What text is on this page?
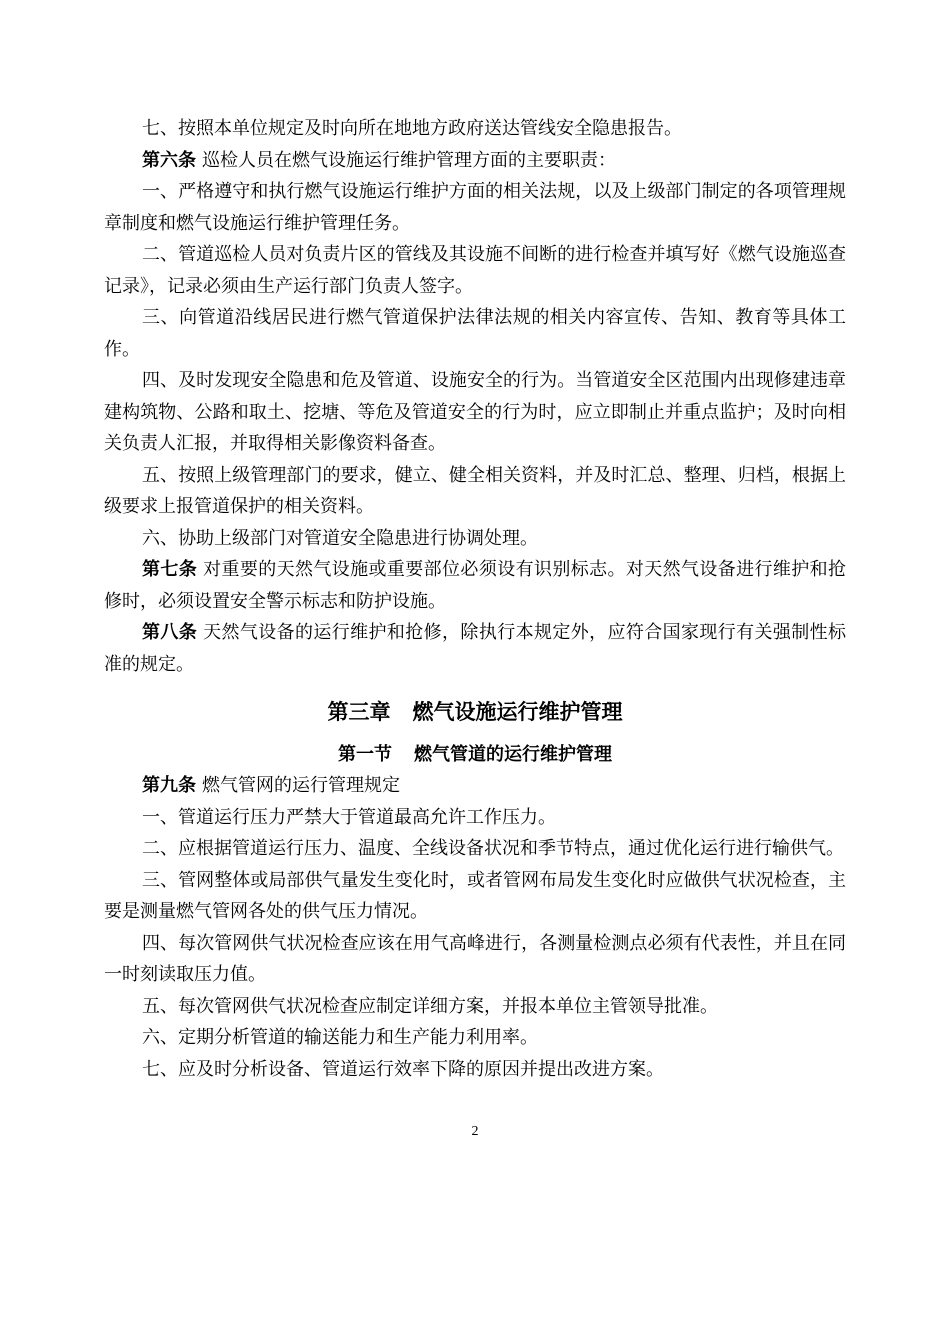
七、按照本单位规定及时向所在地地方政府送达管线安全隐患报告。

第六条 巡检人员在燃气设施运行维护管理方面的主要职责：

一、严格遵守和执行燃气设施运行维护方面的相关法规，以及上级部门制定的各项管理规章制度和燃气设施运行维护管理任务。

二、管道巡检人员对负责片区的管线及其设施不间断的进行检查并填写好《燃气设施巡查记录》，记录必须由生产运行部门负责人签字。

三、向管道沿线居民进行燃气管道保护法律法规的相关内容宣传、告知、教育等具体工作。

四、及时发现安全隐患和危及管道、设施安全的行为。当管道安全区范围内出现修建违章建构筑物、公路和取土、挖塘、等危及管道安全的行为时，应立即制止并重点监护；及时向相关负责人汇报，并取得相关影像资料备查。

五、按照上级管理部门的要求，健立、健全相关资料，并及时汇总、整理、归档，根据上级要求上报管道保护的相关资料。

六、协助上级部门对管道安全隐患进行协调处理。

第七条 对重要的天然气设施或重要部位必须设有识别标志。对天然气设备进行维护和抢修时，必须设置安全警示标志和防护设施。

第八条 天然气设备的运行维护和抢修，除执行本规定外，应符合国家现行有关强制性标准的规定。

第三章 燃气设施运行维护管理
第一节 燃气管道的运行维护管理

第九条 燃气管网的运行管理规定

一、管道运行压力严禁大于管道最高允许工作压力。

二、应根据管道运行压力、温度、全线设备状况和季节特点，通过优化运行进行输供气。

三、管网整体或局部供气量发生变化时，或者管网布局发生变化时应做供气状况检查，主要是测量燃气管网各处的供气压力情况。

四、每次管网供气状况检查应该在用气高峰进行，各测量检测点必须有代表性，并且在同一时刻读取压力值。

五、每次管网供气状况检查应制定详细方案，并报本单位主管领导批准。

六、定期分析管道的输送能力和生产能力利用率。

七、应及时分析设备、管道运行效率下降的原因并提出改进方案。

2
